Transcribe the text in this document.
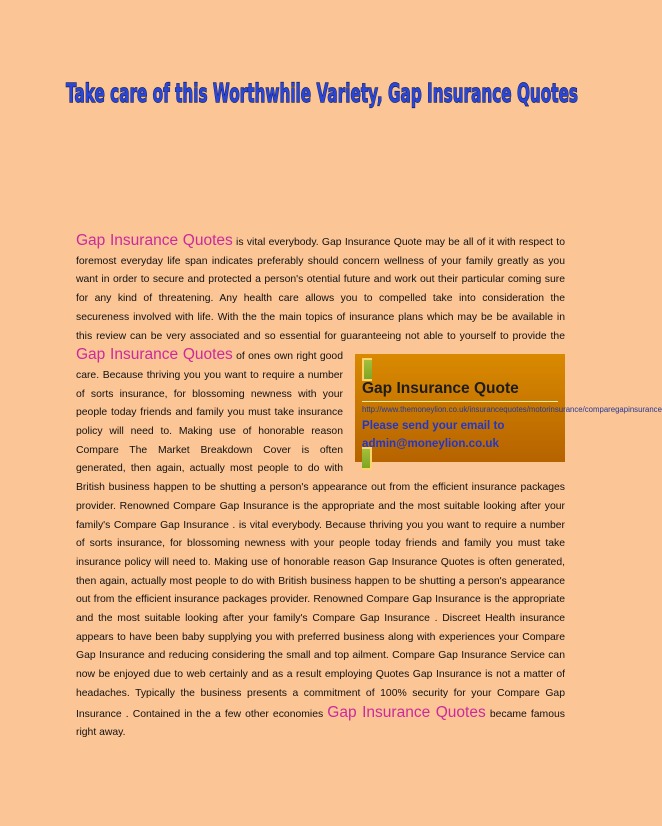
Take care of this Worthwhile Variety, Gap Insurance Quotes

Gap Insurance Quotes is vital everybody. Gap Insurance Quote may be all of it with respect to foremost everyday life span indicates preferably should concern wellness of your family greatly as you want in order to secure and protected a person's otential future and work out their particular coming sure for any kind of threatening. Any health care allows you to compelled take into consideration the secureness involved with life. With the the main topics of insurance plans which may be be available in this review can be very associated and so essential for guaranteeing not able to yourself to provide the Gap Insurance Quotes
Gap Insurance Quote
http://www.themoneylion.co.uk/insurancequotes/motorinsurance/comparegapinsurance
Please send your email to
admin@moneylion.co.uk
of ones own right good care. Because thriving you you want to require a number of sorts insurance, for blossoming newness with your people today friends and family you must take insurance policy will need to. Making use of honorable reason Compare The Market Breakdown Cover is often generated, then again, actually most people to do with British business happen to be shutting a person's appearance out from the efficient insurance packages provider. Renowned Compare Gap Insurance is the appropriate and the most suitable looking after your family's Compare Gap Insurance . is vital everybody. Because thriving you you want to require a number of sorts insurance, for blossoming newness with your people today friends and family you must take insurance policy will need to. Making use of honorable reason Gap Insurance Quotes is often generated, then again, actually most people to do with British business happen to be shutting a person's appearance out from the efficient insurance packages provider. Renowned Compare Gap Insurance is the appropriate and the most suitable looking after your family's Compare Gap Insurance . Discreet Health insurance appears to have been baby supplying you with preferred business along with experiences your Compare Gap Insurance and reducing considering the small and top ailment. Compare Gap Insurance Service can now be enjoyed due to web certainly and as a result employing Quotes Gap Insurance is not a matter of headaches. Typically the business presents a commitment of 100% security for your Compare Gap Insurance . Contained in the a few other economies Gap Insurance Quotes became famous right away.
